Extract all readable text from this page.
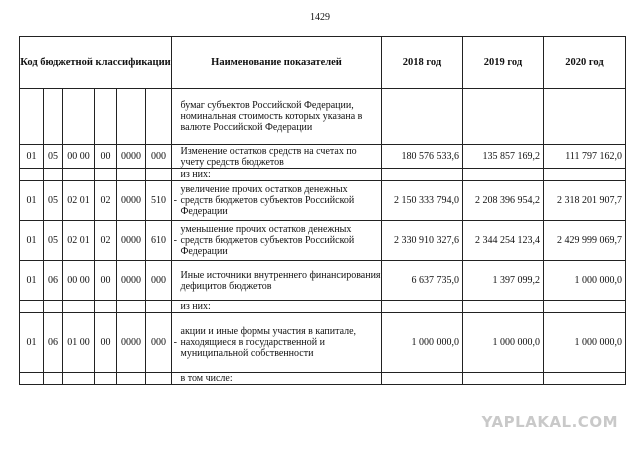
1429
Код бюджетной классификации						Наименование показателей		2018 год	2019 год	2020 год
							бумаг субъектов Российской Федерации, номинальная стоимость которых указана в валюте Российской Федерации			
01	05	00 00	00	0000	000		Изменение остатков средств на счетах по учету средств бюджетов	180 576 533,6	135 857 169,2	111 797 162,0
							из них:			
01	05	02 01	02	0000	510	-	увеличение прочих остатков денежных средств бюджетов субъектов Российской Федерации	2 150 333 794,0	2 208 396 954,2	2 318 201 907,7
01	05	02 01	02	0000	610	-	уменьшение прочих остатков денежных средств бюджетов субъектов Российской Федерации	2 330 910 327,6	2 344 254 123,4	2 429 999 069,7
01	06	00 00	00	0000	000		Иные источники внутреннего финансирования дефицитов бюджетов	6 637 735,0	1 397 099,2	1 000 000,0
							из них:			
01	06	01 00	00	0000	000	-	акции и иные формы участия в капитале, находящиеся в государственной и муниципальной собственности	1 000 000,0	1 000 000,0	1 000 000,0
							в том числе:			
YAPLAKAL.COM
